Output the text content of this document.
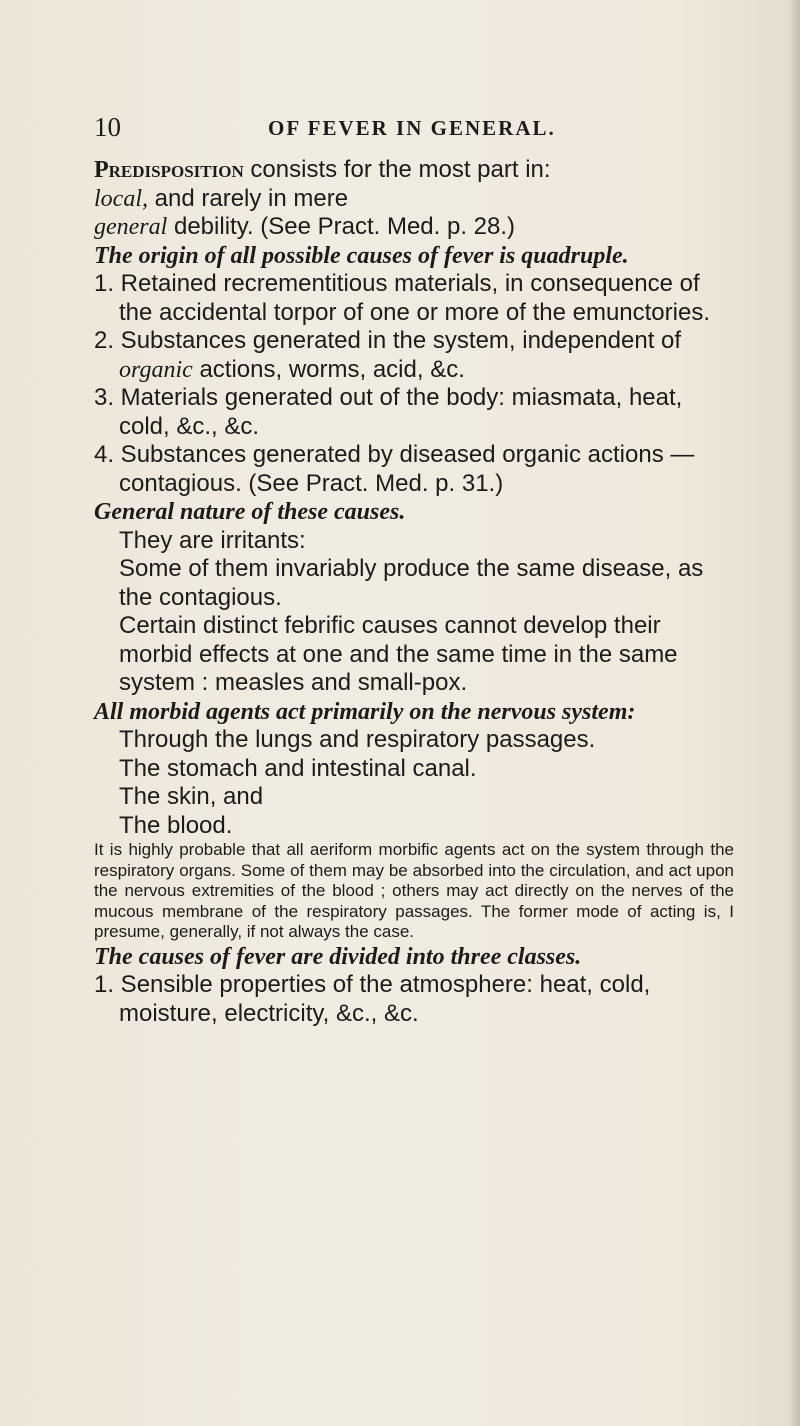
10	OF FEVER IN GENERAL.

Predisposition consists for the most part in:

local, and rarely in mere

general debility. (See Pract. Med. p. 28.)

The origin of all possible causes of fever is quadruple.

1. Retained recrementitious materials, in consequence of the accidental torpor of one or more of the emunctories.

2. Substances generated in the system, independent of organic actions, worms, acid, &c.

3. Materials generated out of the body: miasmata, heat, cold, &c., &c.

4. Substances generated by diseased organic actions —contagious. (See Pract. Med. p. 31.)

General nature of these causes.

They are irritants:

Some of them invariably produce the same disease, as the contagious.

Certain distinct febrific causes cannot develop their morbid effects at one and the same time in the same system : measles and small-pox.

All morbid agents act primarily on the nervous system:

Through the lungs and respiratory passages.

The stomach and intestinal canal.

The skin, and

The blood.

It is highly probable that all aeriform morbific agents act on the system through the respiratory organs. Some of them may be absorbed into the circulation, and act upon the nervous extremities of the blood ; others may act directly on the nerves of the mucous membrane of the respiratory passages. The former mode of acting is, I presume, generally, if not always the case.

The causes of fever are divided into three classes.

1. Sensible properties of the atmosphere: heat, cold, moisture, electricity, &c., &c.
